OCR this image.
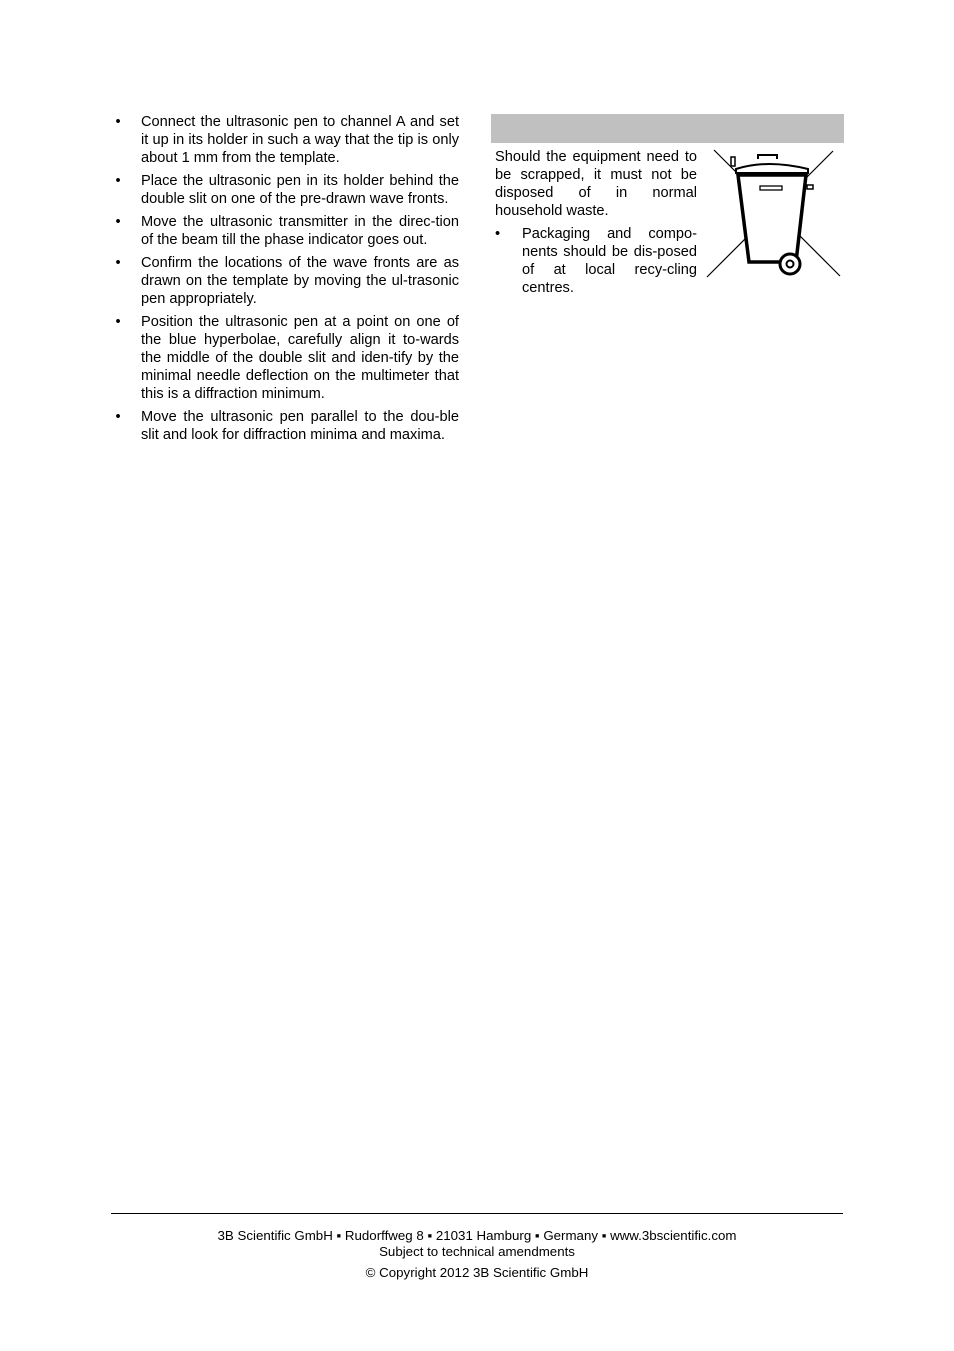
•	Connect the ultrasonic pen to channel A and set it up in its holder in such a way that the tip is only about 1 mm from the template.
•	Place the ultrasonic pen in its holder behind the double slit on one of the pre-drawn wave fronts.
•	Move the ultrasonic transmitter in the direc-tion of the beam till the phase indicator goes out.
•	Confirm the locations of the wave fronts are as drawn on the template by moving the ul-trasonic pen appropriately.
•	Position the ultrasonic pen at a point on one of the blue hyperbolae, carefully align it to-wards the middle of the double slit and iden-tify by the minimal needle deflection on the multimeter that this is a diffraction minimum.
•	Move the ultrasonic pen parallel to the dou-ble slit and look for diffraction minima and maxima.

Should the equipment need to be scrapped, it must not be disposed of in normal household waste.

• Packaging and compo-nents should be dis-posed of at local recy-cling centres.
3B Scientific GmbH ▪ Rudorffweg 8 ▪ 21031 Hamburg ▪ Germany ▪ www.3bscientific.com
Subject to technical amendments
© Copyright 2012 3B Scientific GmbH
